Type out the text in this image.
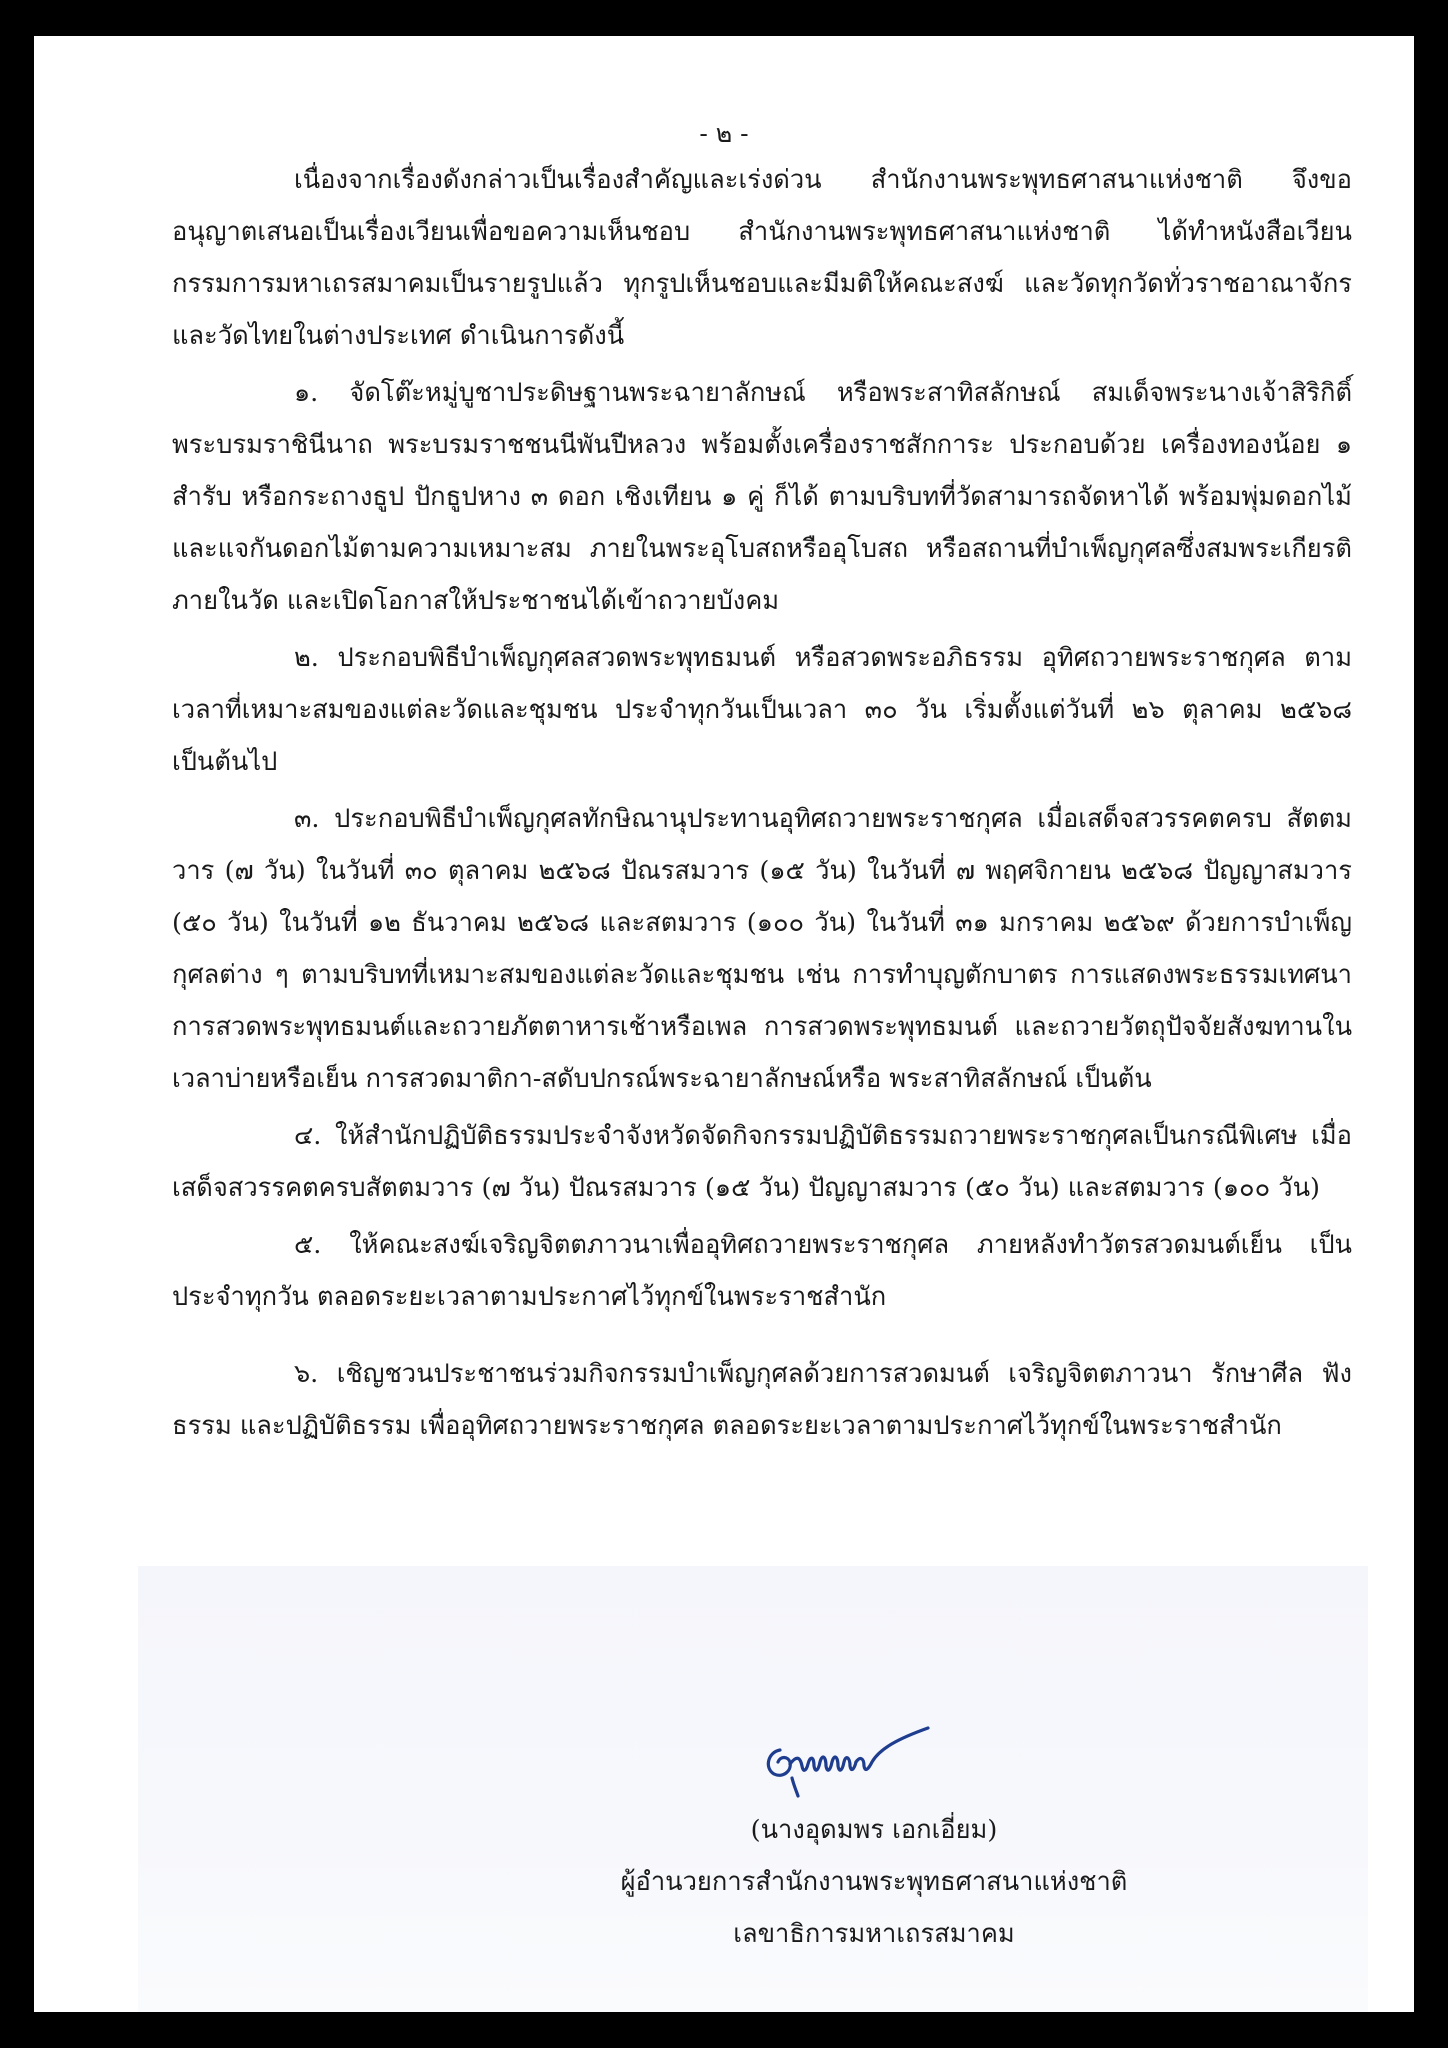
- ๒ -

เนื่องจากเรื่องดังกล่าวเป็นเรื่องสำคัญและเร่งด่วน สำนักงานพระพุทธศาสนาแห่งชาติ จึงขออนุญาตเสนอเป็นเรื่องเวียนเพื่อขอความเห็นชอบ สำนักงานพระพุทธศาสนาแห่งชาติ ได้ทำหนังสือเวียนกรรมการมหาเถรสมาคมเป็นรายรูปแล้ว ทุกรูปเห็นชอบและมีมติให้คณะสงฆ์ และวัดทุกวัดทั่วราชอาณาจักร และวัดไทยในต่างประเทศ ดำเนินการดังนี้

๑. จัดโต๊ะหมู่บูชาประดิษฐานพระฉายาลักษณ์ หรือพระสาทิสลักษณ์ สมเด็จพระนางเจ้าสิริกิติ์ พระบรมราชินีนาถ พระบรมราชชนนีพันปีหลวง พร้อมตั้งเครื่องราชสักการะ ประกอบด้วย เครื่องทองน้อย ๑ สำรับ หรือกระถางธูป ปักธูปหาง ๓ ดอก เชิงเทียน ๑ คู่ ก็ได้ ตามบริบทที่วัดสามารถจัดหาได้ พร้อมพุ่มดอกไม้และแจกันดอกไม้ตามความเหมาะสม ภายในพระอุโบสถหรืออุโบสถ หรือสถานที่บำเพ็ญกุศลซึ่งสมพระเกียรติภายในวัด และเปิดโอกาสให้ประชาชนได้เข้าถวายบังคม

๒. ประกอบพิธีบำเพ็ญกุศลสวดพระพุทธมนต์ หรือสวดพระอภิธรรม อุทิศถวายพระราชกุศล ตามเวลาที่เหมาะสมของแต่ละวัดและชุมชน ประจำทุกวันเป็นเวลา ๓๐ วัน เริ่มตั้งแต่วันที่ ๒๖ ตุลาคม ๒๕๖๘ เป็นต้นไป

๓. ประกอบพิธีบำเพ็ญกุศลทักษิณานุประทานอุทิศถวายพระราชกุศล เมื่อเสด็จสวรรคตครบ สัตตมวาร (๗ วัน) ในวันที่ ๓๐ ตุลาคม ๒๕๖๘ ปัณรสมวาร (๑๕ วัน) ในวันที่ ๗ พฤศจิกายน ๒๕๖๘ ปัญญาสมวาร (๕๐ วัน) ในวันที่ ๑๒ ธันวาคม ๒๕๖๘ และสตมวาร (๑๐๐ วัน) ในวันที่ ๓๑ มกราคม ๒๕๖๙ ด้วยการบำเพ็ญกุศลต่าง ๆ ตามบริบทที่เหมาะสมของแต่ละวัดและชุมชน เช่น การทำบุญตักบาตร การแสดงพระธรรมเทศนา การสวดพระพุทธมนต์และถวายภัตตาหารเช้าหรือเพล การสวดพระพุทธมนต์ และถวายวัตถุปัจจัยสังฆทานในเวลาบ่ายหรือเย็น การสวดมาติกา-สดับปกรณ์พระฉายาลักษณ์หรือ พระสาทิสลักษณ์ เป็นต้น

๔. ให้สำนักปฏิบัติธรรมประจำจังหวัดจัดกิจกรรมปฏิบัติธรรมถวายพระราชกุศลเป็นกรณีพิเศษ เมื่อเสด็จสวรรคตครบสัตตมวาร (๗ วัน) ปัณรสมวาร (๑๕ วัน) ปัญญาสมวาร (๕๐ วัน) และสตมวาร (๑๐๐ วัน)

๕. ให้คณะสงฆ์เจริญจิตตภาวนาเพื่ออุทิศถวายพระราชกุศล ภายหลังทำวัตรสวดมนต์เย็น เป็นประจำทุกวัน ตลอดระยะเวลาตามประกาศไว้ทุกข์ในพระราชสำนัก

๖. เชิญชวนประชาชนร่วมกิจกรรมบำเพ็ญกุศลด้วยการสวดมนต์ เจริญจิตตภาวนา รักษาศีล ฟังธรรม และปฏิบัติธรรม เพื่ออุทิศถวายพระราชกุศล ตลอดระยะเวลาตามประกาศไว้ทุกข์ในพระราชสำนัก

(นางอุดมพร เอกเอี่ยม)
ผู้อำนวยการสำนักงานพระพุทธศาสนาแห่งชาติ
เลขาธิการมหาเถรสมาคม
